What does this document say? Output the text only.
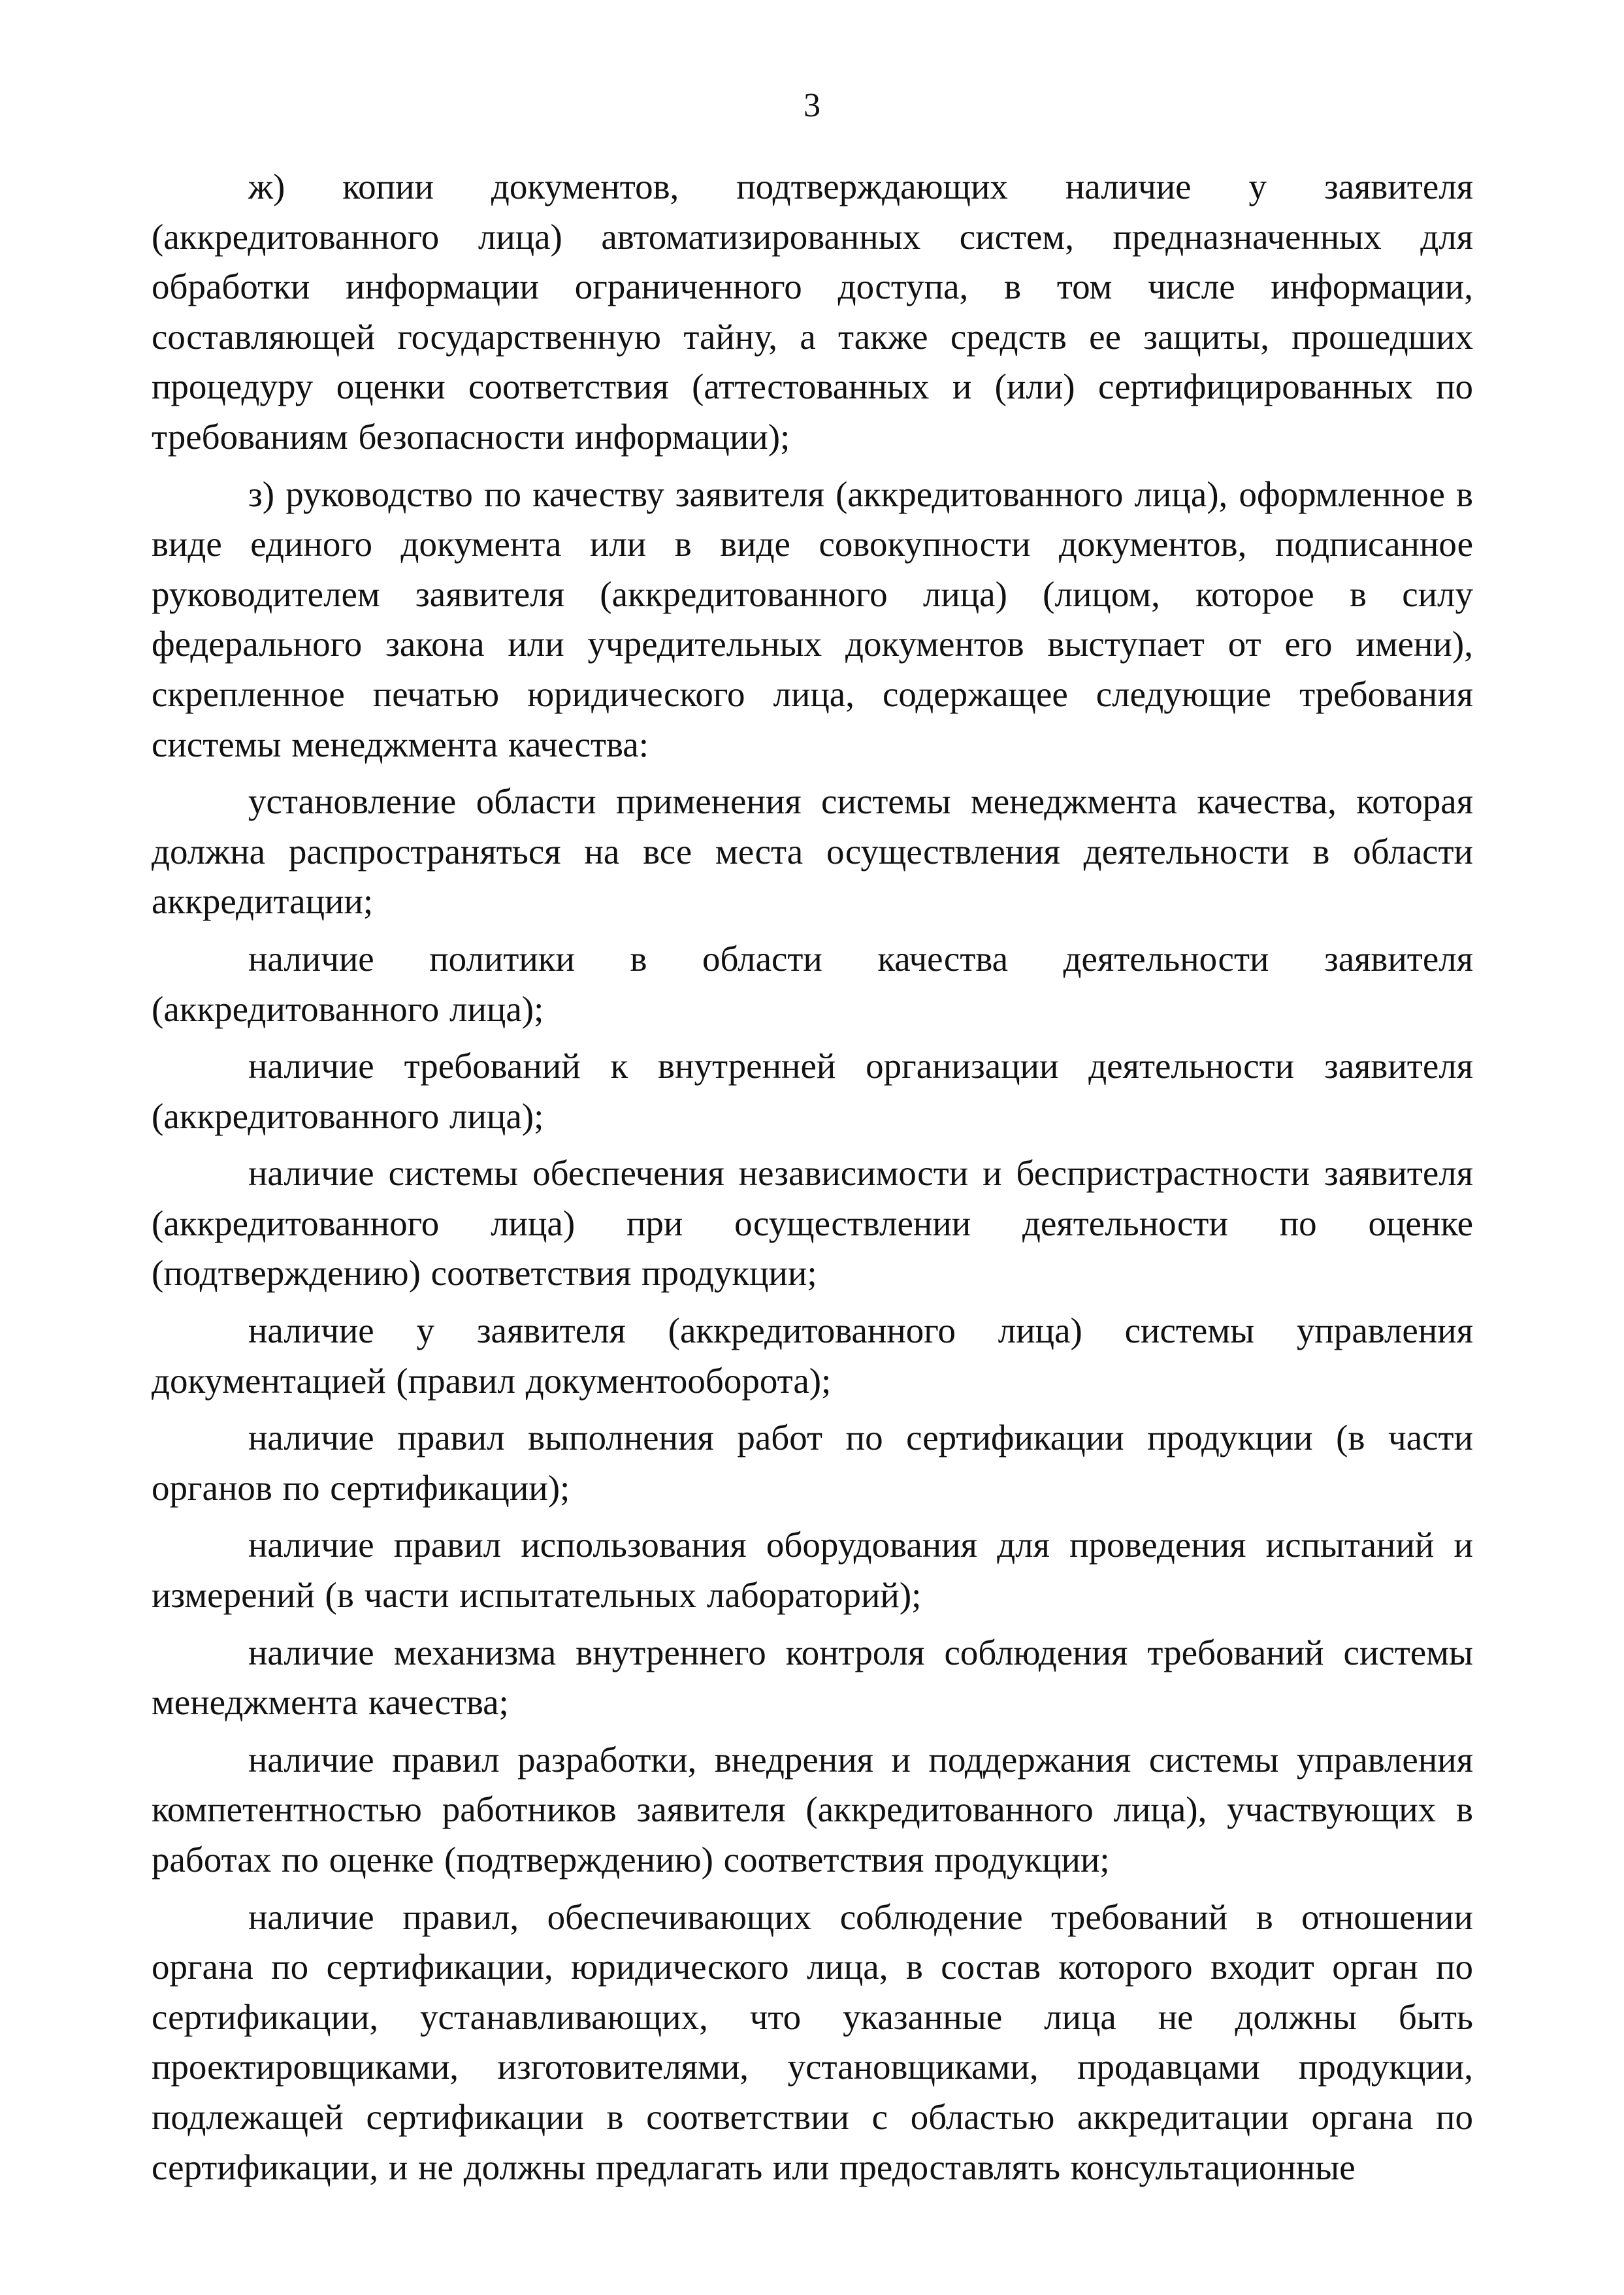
3

ж) копии документов, подтверждающих наличие у заявителя (аккредитованного лица) автоматизированных систем, предназначенных для обработки информации ограниченного доступа, в том числе информации, составляющей государственную тайну, а также средств ее защиты, прошедших процедуру оценки соответствия (аттестованных и (или) сертифицированных по требованиям безопасности информации);

з) руководство по качеству заявителя (аккредитованного лица), оформленное в виде единого документа или в виде совокупности документов, подписанное руководителем заявителя (аккредитованного лица) (лицом, которое в силу федерального закона или учредительных документов выступает от его имени), скрепленное печатью юридического лица, содержащее следующие требования системы менеджмента качества:

установление области применения системы менеджмента качества, которая должна распространяться на все места осуществления деятельности в области аккредитации;

наличие политики в области качества деятельности заявителя (аккредитованного лица);

наличие требований к внутренней организации деятельности заявителя (аккредитованного лица);

наличие системы обеспечения независимости и беспристрастности заявителя (аккредитованного лица) при осуществлении деятельности по оценке (подтверждению) соответствия продукции;

наличие у заявителя (аккредитованного лица) системы управления документацией (правил документооборота);

наличие правил выполнения работ по сертификации продукции (в части органов по сертификации);

наличие правил использования оборудования для проведения испытаний и измерений (в части испытательных лабораторий);

наличие механизма внутреннего контроля соблюдения требований системы менеджмента качества;

наличие правил разработки, внедрения и поддержания системы управления компетентностью работников заявителя (аккредитованного лица), участвующих в работах по оценке (подтверждению) соответствия продукции;

наличие правил, обеспечивающих соблюдение требований в отношении органа по сертификации, юридического лица, в состав которого входит орган по сертификации, устанавливающих, что указанные лица не должны быть проектировщиками, изготовителями, установщиками, продавцами продукции, подлежащей сертификации в соответствии с областью аккредитации органа по сертификации, и не должны предлагать или предоставлять консультационные
